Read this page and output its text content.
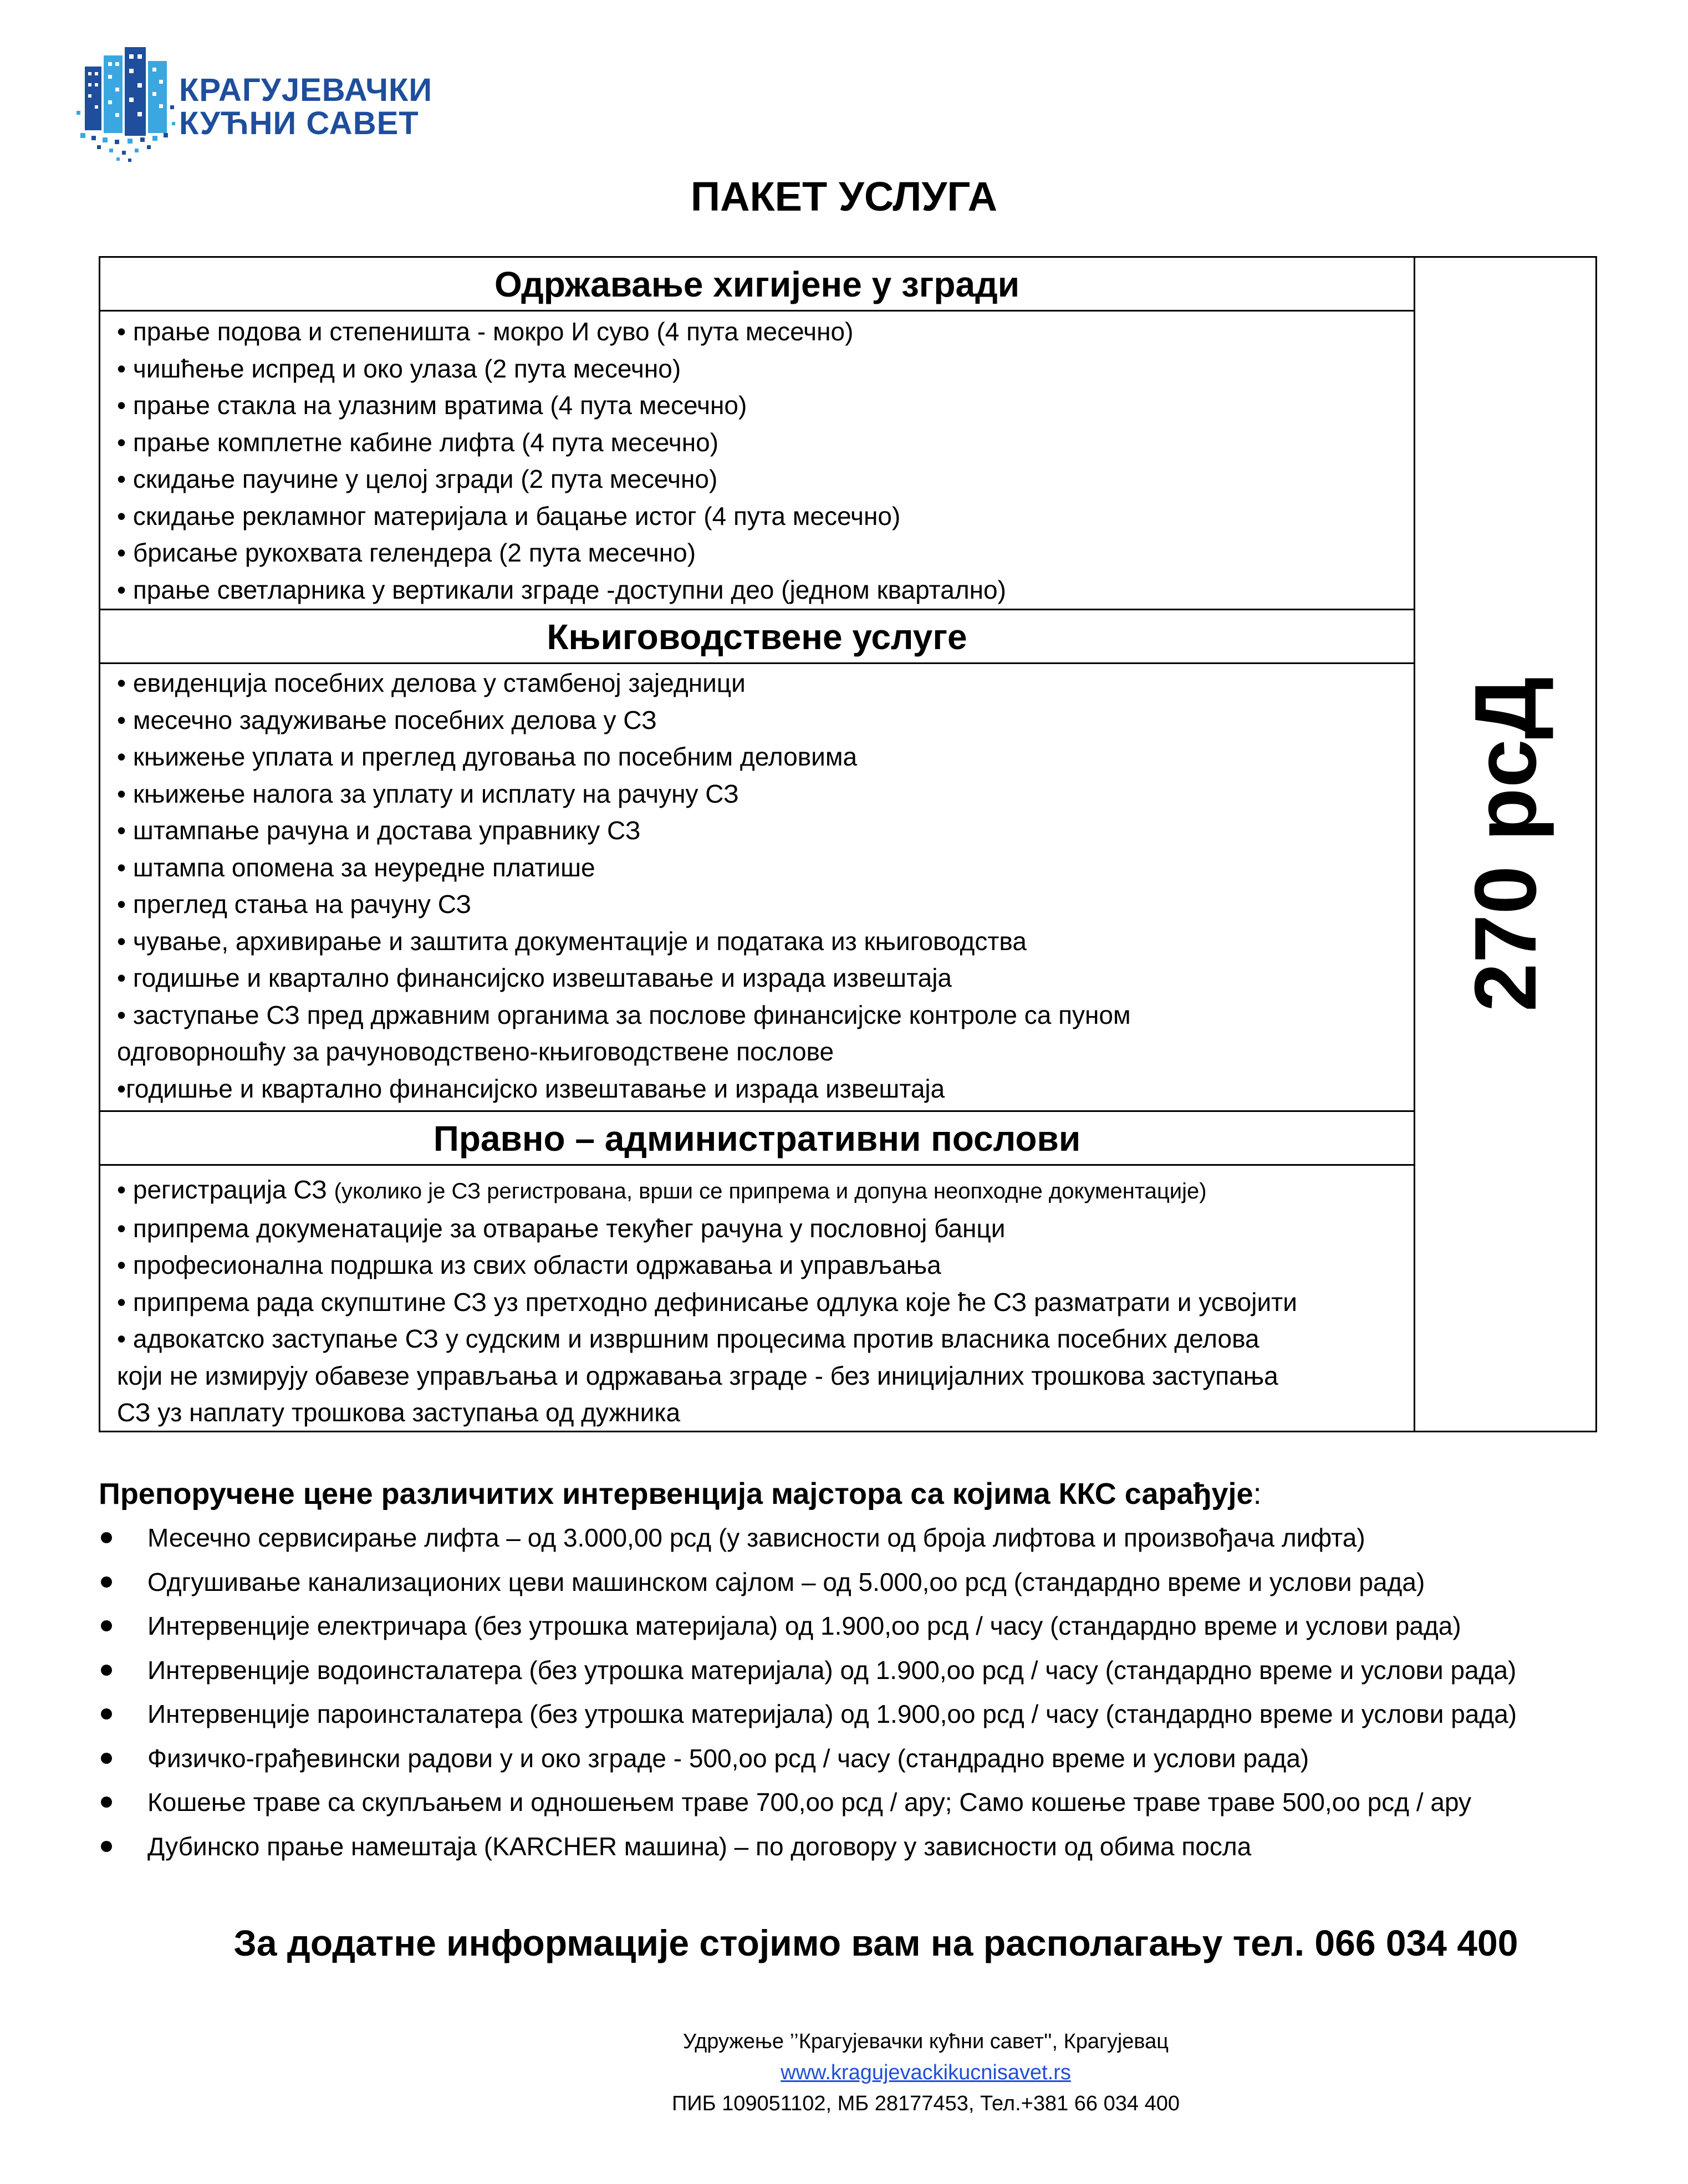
КРАГУЈЕВАЧКИ
КУЋНИ САВЕТ
ПАКЕТ УСЛУГА
Одржавање хигијене у згради
• прање подова и степеништа - мокро И суво (4 пута месечно)
• чишћење испред и око улаза (2 пута месечно)
• прање стакла на улазним вратима (4 пута месечно)
• прање комплетне кабине лифта (4 пута месечно)
• скидање паучине у целој згради (2 пута месечно)
• скидање рекламног материјала и бацање истог (4 пута месечно)
• брисање рукохвата гелендера (2 пута месечно)
• прање светларника у вертикали зграде -доступни део (једном квартално)
Књиговодствене услуге
• евиденција посебних делова у стамбеној заједници
• месечно задуживање посебних делова у СЗ
• књижење уплата и преглед дуговања по посебним деловима
• књижење налога за уплату и исплату на рачуну СЗ
• штампање рачуна и достава управнику СЗ
• штампа опомена за неуредне платише
• преглед стања на рачуну СЗ
• чување, архивирање и заштита документације и података из књиговодства
• годишње и квартално финансијско извештавање и израда извештаја
• заступање СЗ пред државним органима за послове финансијске контроле са пуном
одговорношћу за рачуноводствено-књиговодствене послове
•годишње и квартално финансијско извештавање и израда извештаја
Правно – административни послови
• регистрација СЗ (уколико је СЗ регистрована, врши се припрема и допуна неопходне документације)
• припрема докуменатације за отварање текућег рачуна у пословној банци
• професионална подршка из свих области одржавања и управљања
• припрема рада скупштине СЗ уз претходно дефинисање одлука које ће СЗ разматрати и усвојити
• адвокатско заступање СЗ у судским и извршним процесима против власника посебних делова
који не измирују обавезе управљања и одржавања зграде - без иницијалних трошкова заступања
СЗ уз наплату трошкова заступања од дужника
270 рсД
Препоручене цене различитих интервенција мајстора са којима ККС сарађује:
Месечно сервисирање лифта – од 3.000,00 рсд (у зависности од броја лифтова и произвођача лифта)
Одгушивање канализационих цеви машинском сајлом – од 5.000,oo рсд (стандардно време и услови рада)
Интервенције електричара (без утрошка материјала) од 1.900,oo рсд / часу (стандардно време и услови рада)
Интервенције водоинсталатера (без утрошка материјала) од 1.900,oo рсд / часу (стандардно време и услови рада)
Интервенције пароинсталатера (без утрошка материјала) од 1.900,oo рсд / часу (стандардно време и услови рада)
Физичко-грађевински радови у и око зграде - 500,oo рсд / часу (стандрадно време и услови рада)
Кошење траве са скупљањем и одношењем траве 700,oo рсд / ару; Само кошење траве траве 500,oo рсд / ару
Дубинско прање намештаја (KARCHER машина) – по договору у зависности од обима посла
За додатне информације стојимо вам на располагању тел. 066 034 400
Удружење ’’Крагујевачки кућни савет'', Крагујевац
www.kragujevackikucnisavet.rs
ПИБ 109051102, МБ 28177453, Тел.+381 66 034 400
